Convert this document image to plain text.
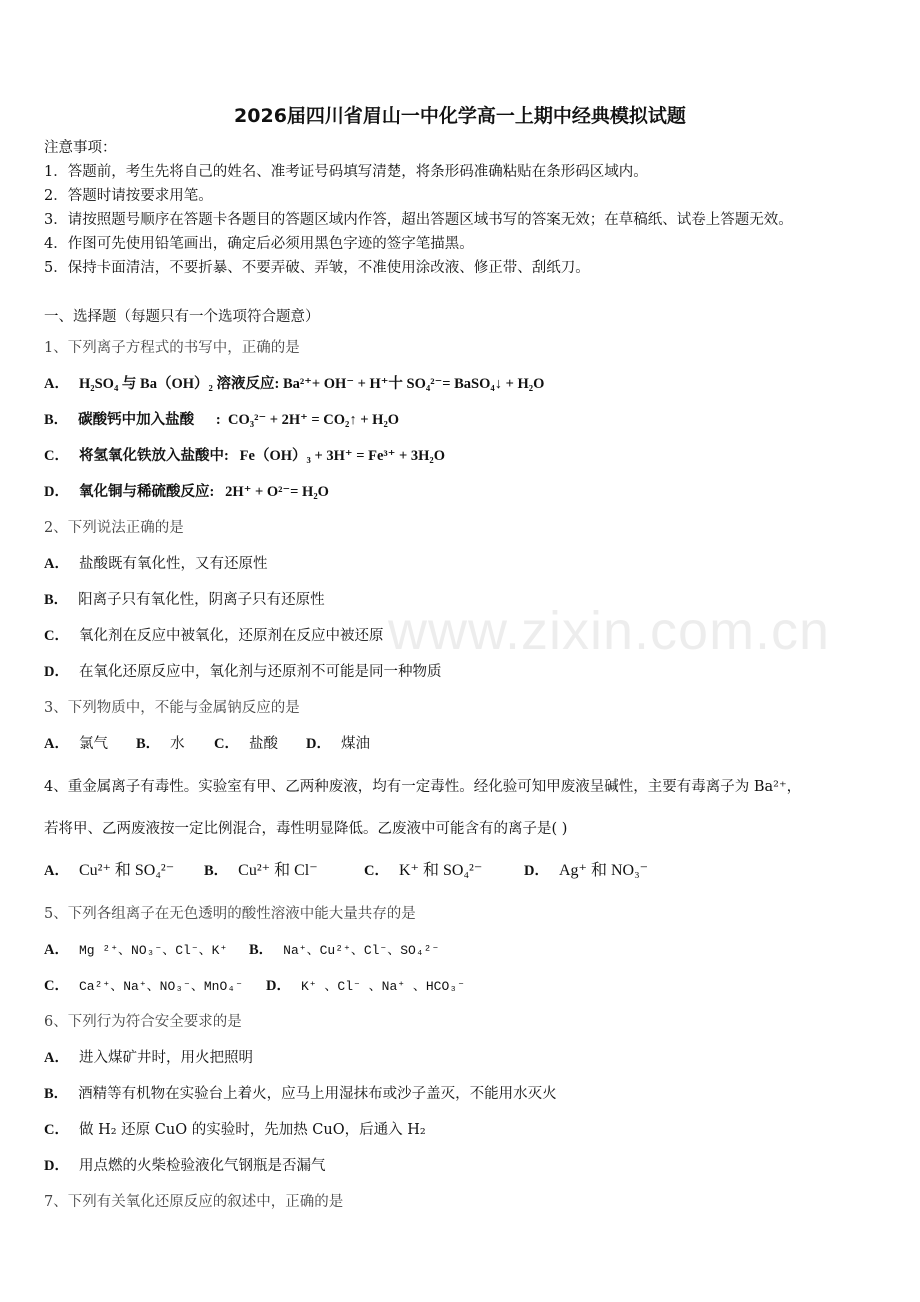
www.zixin.com.cn
2026届四川省眉山一中化学高一上期中经典模拟试题
注意事项：
1．答题前，考生先将自己的姓名、准考证号码填写清楚，将条形码准确粘贴在条形码区域内。
2．答题时请按要求用笔。
3．请按照题号顺序在答题卡各题目的答题区域内作答，超出答题区域书写的答案无效；在草稿纸、试卷上答题无效。
4．作图可先使用铅笔画出，确定后必须用黑色字迹的签字笔描黑。
5．保持卡面清洁，不要折暴、不要弄破、弄皱，不准使用涂改液、修正带、刮纸刀。
一、选择题（每题只有一个选项符合题意）
1、下列离子方程式的书写中，正确的是
A． H₂SO₄ 与 Ba（OH）₂ 溶液反应: Ba²⁺+ OH⁻ + H⁺十 SO₄²⁻= BaSO₄↓ + H₂O
B． 碳酸钙中加入盐酸      :  CO₃²⁻ + 2H⁺ = CO₂↑ + H₂O
C． 将氢氧化铁放入盐酸中:   Fe（OH）₃ + 3H⁺ = Fe³⁺ + 3H₂O
D． 氧化铜与稀硫酸反应:   2H⁺ + O²⁻= H₂O
2、下列说法正确的是
A． 盐酸既有氧化性，又有还原性
B． 阳离子只有氧化性，阴离子只有还原性
C． 氧化剂在反应中被氧化，还原剂在反应中被还原
D． 在氧化还原反应中，氧化剂与还原剂不可能是同一种物质
3、下列物质中，不能与金属钠反应的是
A． 氯气 B． 水 C． 盐酸 D． 煤油
4、重金属离子有毒性。实验室有甲、乙两种废液，均有一定毒性。经化验可知甲废液呈碱性，主要有毒离子为 Ba²⁺，
若将甲、乙两废液按一定比例混合，毒性明显降低。乙废液中可能含有的离子是( )
A． Cu²⁺ 和 SO₄²⁻ B． Cu²⁺ 和 Cl⁻	C． K⁺ 和 SO₄²⁻	D． Ag⁺ 和 NO₃⁻
5、下列各组离子在无色透明的酸性溶液中能大量共存的是
A． Mg ²⁺、NO₃⁻、Cl⁻、K⁺ B． Na⁺、Cu²⁺、Cl⁻、SO₄²⁻
C． Ca²⁺、Na⁺、NO₃⁻、MnO₄⁻ D． K⁺ 、Cl⁻ 、Na⁺ 、HCO₃⁻
6、下列行为符合安全要求的是
A． 进入煤矿井时，用火把照明
B． 酒精等有机物在实验台上着火，应马上用湿抹布或沙子盖灭，不能用水灭火
C． 做 H₂ 还原 CuO 的实验时，先加热 CuO，后通入 H₂
D． 用点燃的火柴检验液化气钢瓶是否漏气
7、下列有关氧化还原反应的叙述中，正确的是
